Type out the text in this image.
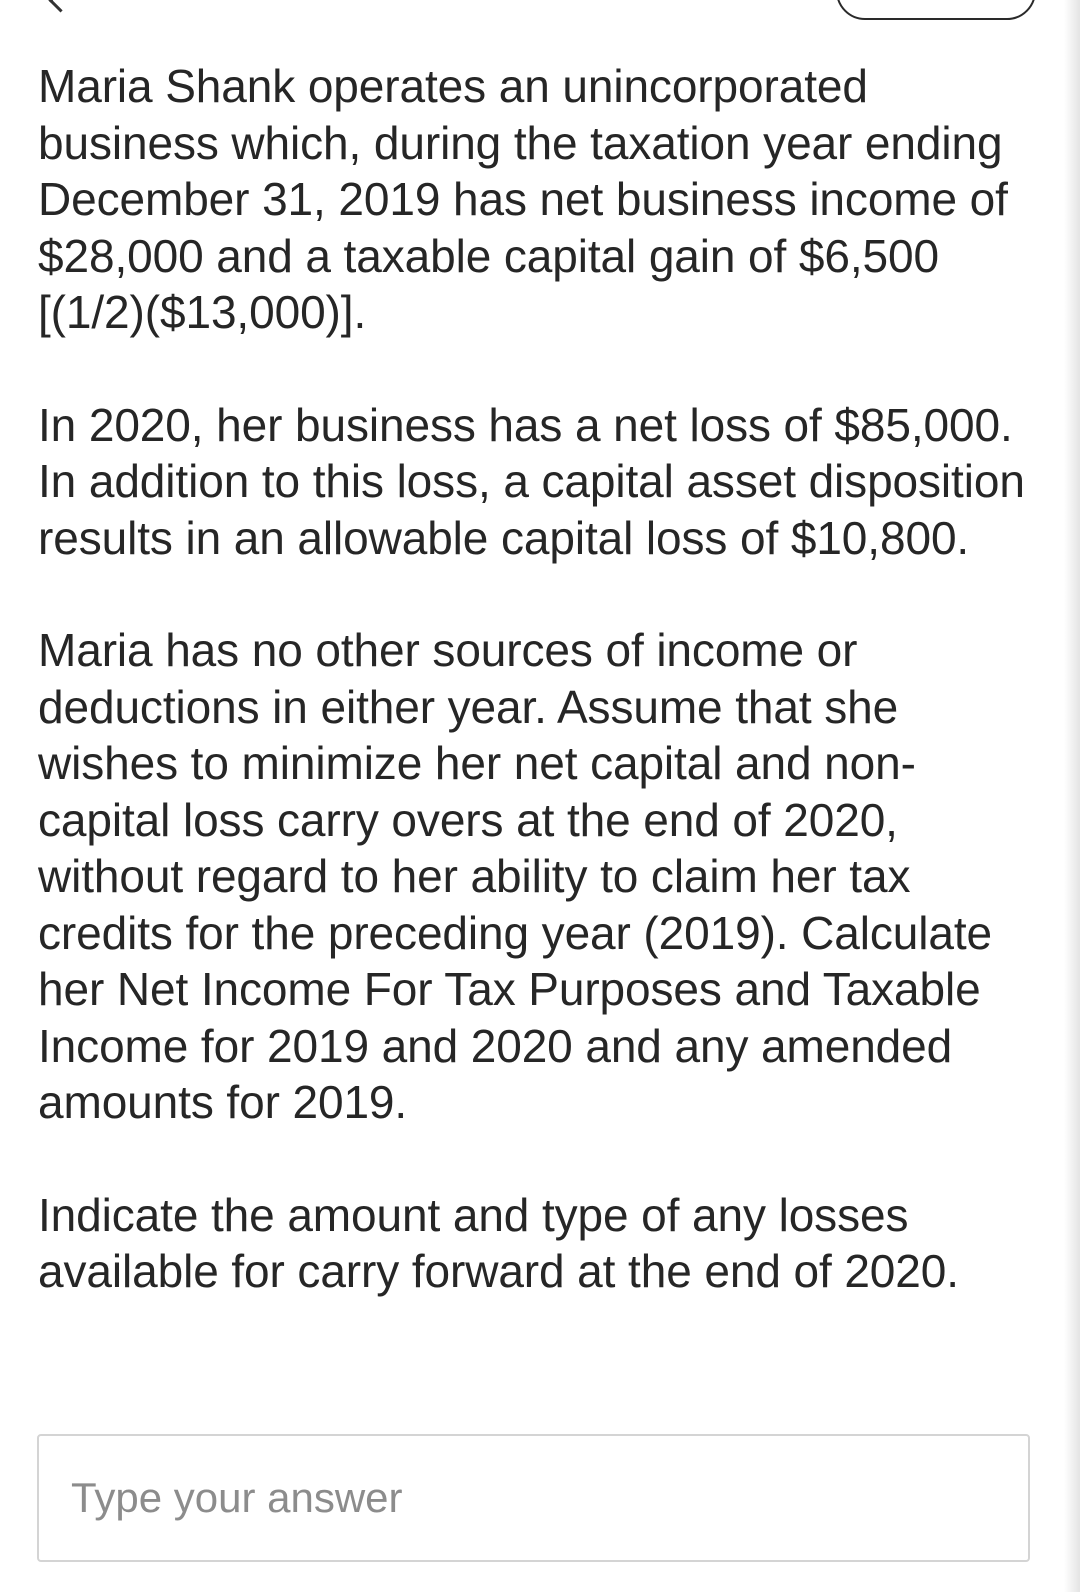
Maria Shank operates an unincorporated business which, during the taxation year ending December 31, 2019 has net business income of $28,000 and a taxable capital gain of $6,500 [(1/2)($13,000)].

In 2020, her business has a net loss of $85,000. In addition to this loss, a capital asset disposition results in an allowable capital loss of $10,800.

Maria has no other sources of income or deductions in either year. Assume that she wishes to minimize her net capital and non-capital loss carry overs at the end of 2020, without regard to her ability to claim her tax credits for the preceding year (2019). Calculate her Net Income For Tax Purposes and Taxable Income for 2019 and 2020 and any amended amounts for 2019.

Indicate the amount and type of any losses available for carry forward at the end of 2020.

Type your answer
